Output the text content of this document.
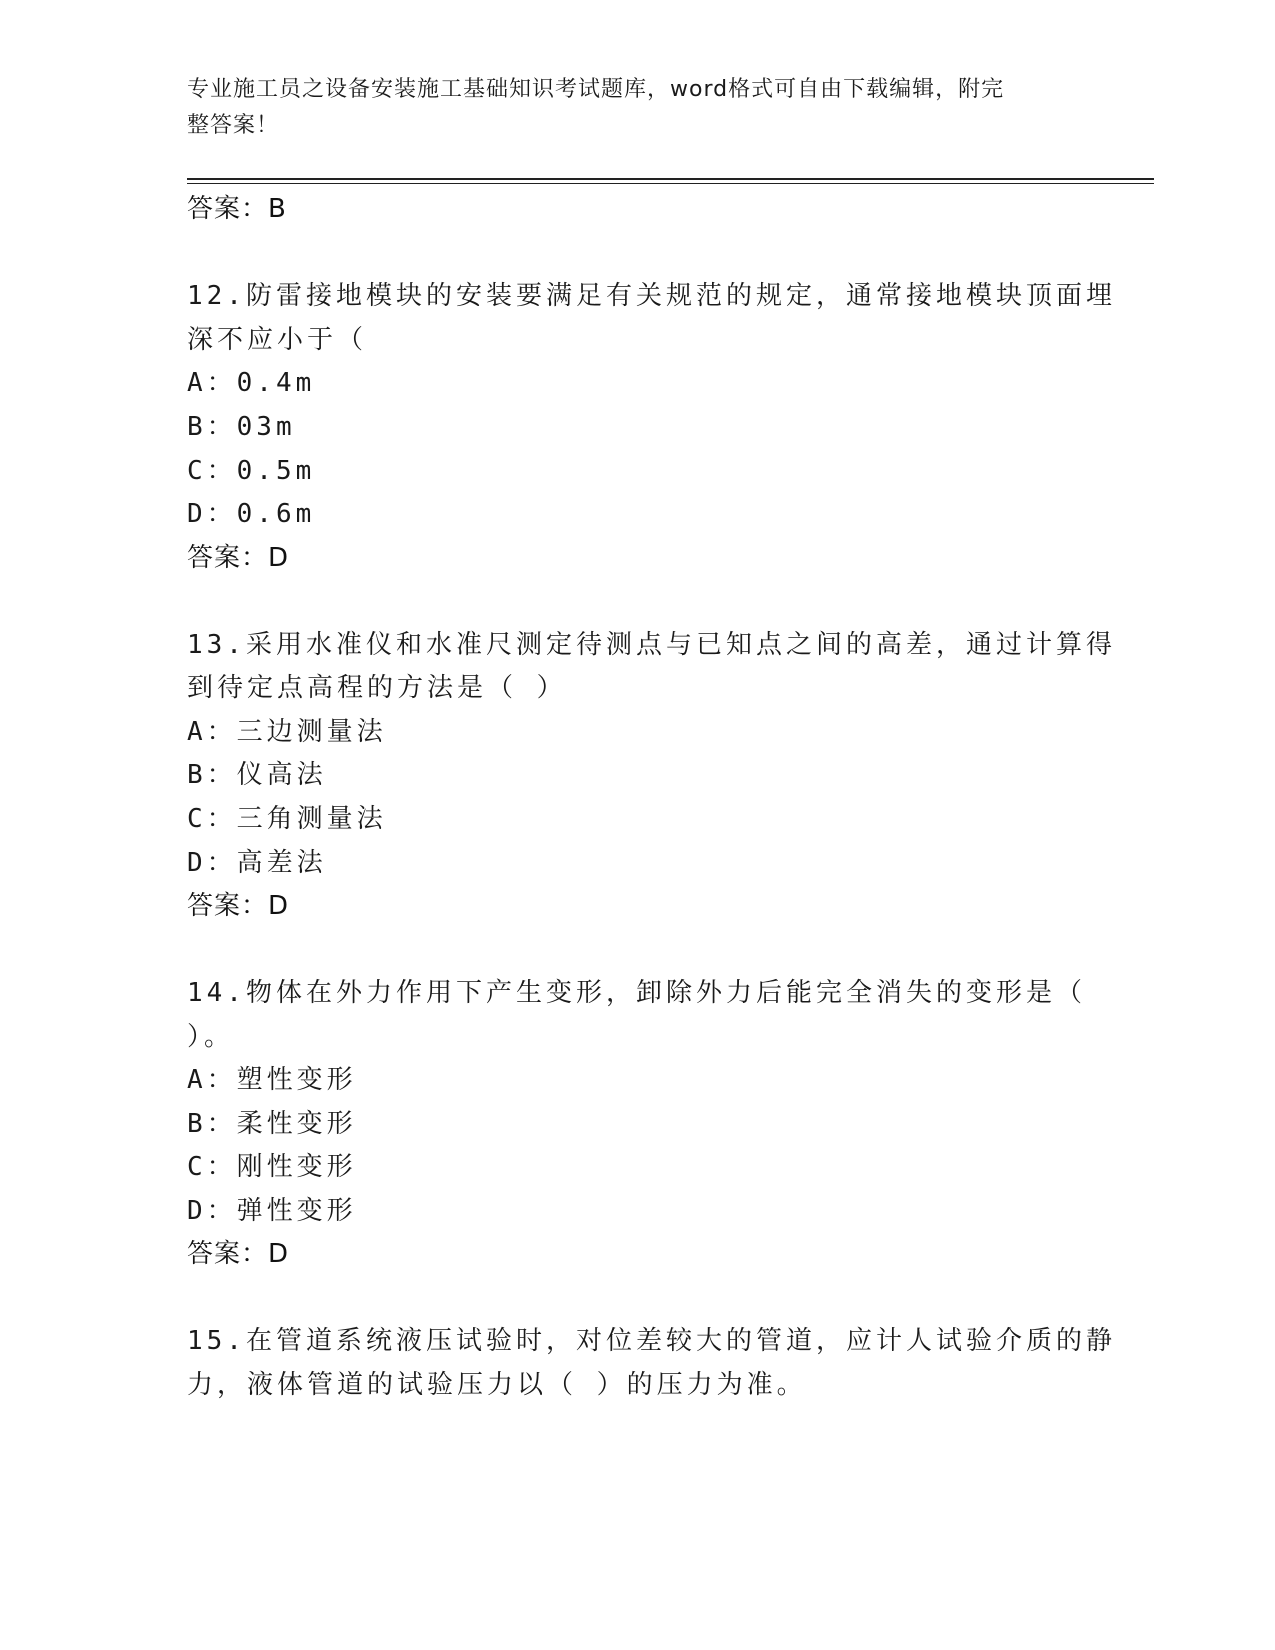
专业施工员之设备安装施工基础知识考试题库，word格式可自由下载编辑，附完
整答案！
答案：B
12.防雷接地模块的安装要满足有关规范的规定，通常接地模块顶面埋
深不应小于（
A：0.4m
B：03m
C：0.5m
D：0.6m
答案：D
13.采用水准仪和水准尺测定待测点与已知点之间的高差，通过计算得
到待定点高程的方法是（ ）
A：三边测量法
B：仪高法
C：三角测量法
D：高差法
答案：D
14.物体在外力作用下产生变形，卸除外力后能完全消失的变形是（
）。
A：塑性变形
B：柔性变形
C：刚性变形
D：弹性变形
答案：D
15.在管道系统液压试验时，对位差较大的管道，应计人试验介质的静
力，液体管道的试验压力以（ ）的压力为准。
